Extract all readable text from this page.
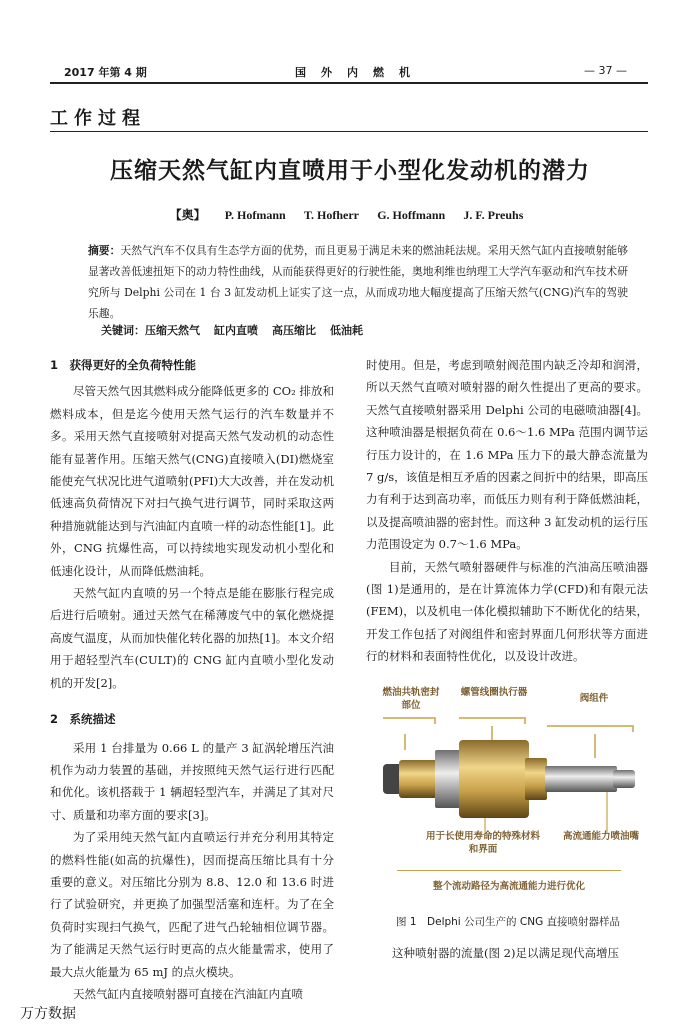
2017 年第 4 期	国　外　内　燃　机	— 37 —
工作过程
压缩天然气缸内直喷用于小型化发动机的潜力
【奥】 P. Hofmann T. Hofherr G. Hoffmann J. F. Preuhs
摘要：天然气汽车不仅具有生态学方面的优势，而且更易于满足未来的燃油耗法规。采用天然气缸内直接喷射能够显著改善低速扭矩下的动力特性曲线，从而能获得更好的行驶性能，奥地利维也纳理工大学汽车驱动和汽车技术研究所与 Delphi 公司在 1 台 3 缸发动机上证实了这一点，从而成功地大幅度提高了压缩天然气(CNG)汽车的驾驶乐趣。
关键词：压缩天然气 缸内直喷 高压缩比 低油耗
1　获得更好的全负荷特性能

尽管天然气因其燃料成分能降低更多的 CO₂ 排放和燃料成本，但是迄今使用天然气运行的汽车数量并不多。采用天然气直接喷射对提高天然气发动机的动态性能有显著作用。压缩天然气(CNG)直接喷入(DI)燃烧室能使充气状况比进气道喷射(PFI)大大改善，并在发动机低速高负荷情况下对扫气换气进行调节，同时采取这两种措施就能达到与汽油缸内直喷一样的动态性能[1]。此外，CNG 抗爆性高，可以持续地实现发动机小型化和低速化设计，从而降低燃油耗。

天然气缸内直喷的另一个特点是能在膨胀行程完成后进行后喷射。通过天然气在稀薄废气中的氧化燃烧提高废气温度，从而加快催化转化器的加热[1]。本文介绍用于超轻型汽车(CULT)的 CNG 缸内直喷小型化发动机的开发[2]。

2　系统描述

采用 1 台排量为 0.66 L 的量产 3 缸涡轮增压汽油机作为动力装置的基础，并按照纯天然气运行进行匹配和优化。该机搭载于 1 辆超轻型汽车，并满足了其对尺寸、质量和功率方面的要求[3]。

为了采用纯天然气缸内直喷运行并充分利用其特定的燃料性能(如高的抗爆性)，因而提高压缩比具有十分重要的意义。对压缩比分别为 8.8、12.0 和 13.6 时进行了试验研究，并更换了加强型活塞和连杆。为了在全负荷时实现扫气换气，匹配了进气凸轮轴相位调节器。为了能满足天然气运行时更高的点火能量需求，使用了最大点火能量为 65 mJ 的点火模块。

天然气缸内直接喷射器可直接在汽油缸内直喷

时使用。但是，考虑到喷射阀范围内缺乏冷却和润滑，所以天然气直喷对喷射器的耐久性提出了更高的要求。天然气直接喷射器采用 Delphi 公司的电磁喷油器[4]。这种喷油器是根据负荷在 0.6～1.6 MPa 范围内调节运行压力设计的，在 1.6 MPa 压力下的最大静态流量为 7 g/s，该值是相互矛盾的因素之间折中的结果，即高压力有利于达到高功率，而低压力则有利于降低燃油耗，以及提高喷油器的密封性。而这种 3 缸发动机的运行压力范围设定为 0.7～1.6 MPa。

目前，天然气喷射器硬件与标准的汽油高压喷油器(图 1)是通用的，是在计算流体力学(CFD)和有限元法(FEM)，以及机电一体化模拟辅助下不断优化的结果，开发工作包括了对阀组件和密封界面几何形状等方面进行的材料和表面特性优化，以及设计改进。

燃油共轨密封部位
螺管线圈执行器
阀组件
用于长使用寿命的特殊材料和界面
高流通能力喷油嘴
整个流动路径为高流通能力进行优化
图 1　Delphi 公司生产的 CNG 直接喷射器样品
这种喷射器的流量(图 2)足以满足现代高增压
万方数据
